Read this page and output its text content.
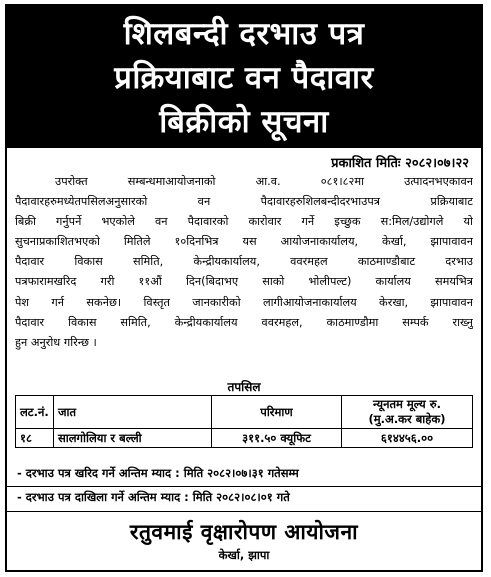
शिलबन्दी दरभाउ पत्र
प्रक्रियाबाट वन पैदावार
बिक्रीको सूचना
प्रकाशित मितिः २०८२।०७।२२
उपरोक्त सम्बन्धमाआयोजनाको आ.व. ०८१।८२मा उत्पादनभएकावन
पैदावारहरुमध्येतपसिलअनुसारको वन पैदावारहरुशिलबन्दीदरभाउपत्र प्रक्रियाबाट
बिक्री गर्नुपर्ने भएकोले वन पैदावारको कारोवार गर्ने इच्छुक स:मिल/उद्योगले यो
सुचनाप्रकाशितभएको मितिले १०दिनभित्र यस आयोजनाकार्यालय, केर्खा, झापावावन
पैदावार विकास समिति, केन्द्रीयकार्यालय, ववरमहल काठमाण्डौबाट दरभाउ
पत्रफारामखरिद गरी ११औं दिन(बिदाभए साको भोलीपल्ट) कार्यालय समयभित्र
पेश गर्न सकनेछ। विस्तृत जानकारीको लागीआयोजनाकार्यालय केरखा, झापावावन
पैदावार विकास समिति, केन्द्रीयकार्यालय ववरमहल, काठमाण्डौमा सम्पर्क राख्नु
हुन अनुरोध गरिन्छ ।
तपसिल
लट.नं.	जात	परिमाण	न्यूनतम मूल्य रु.
(मु.अ.कर बाहेक)

१८	सालगोलिया र बल्ली	३११.५० क्यूफिट	६१४४५६.००
- दरभाउ पत्र खरिद गर्ने अन्तिम म्याद : मिति २०८२।०७।३१ गतेसम्म
- दरभाउ पत्र दाखिला गर्ने अन्तिम म्याद : मिति २०८२।०८।०१ गते
रतुवमाई वृक्षारोपण आयोजना
केर्खा, झापा
